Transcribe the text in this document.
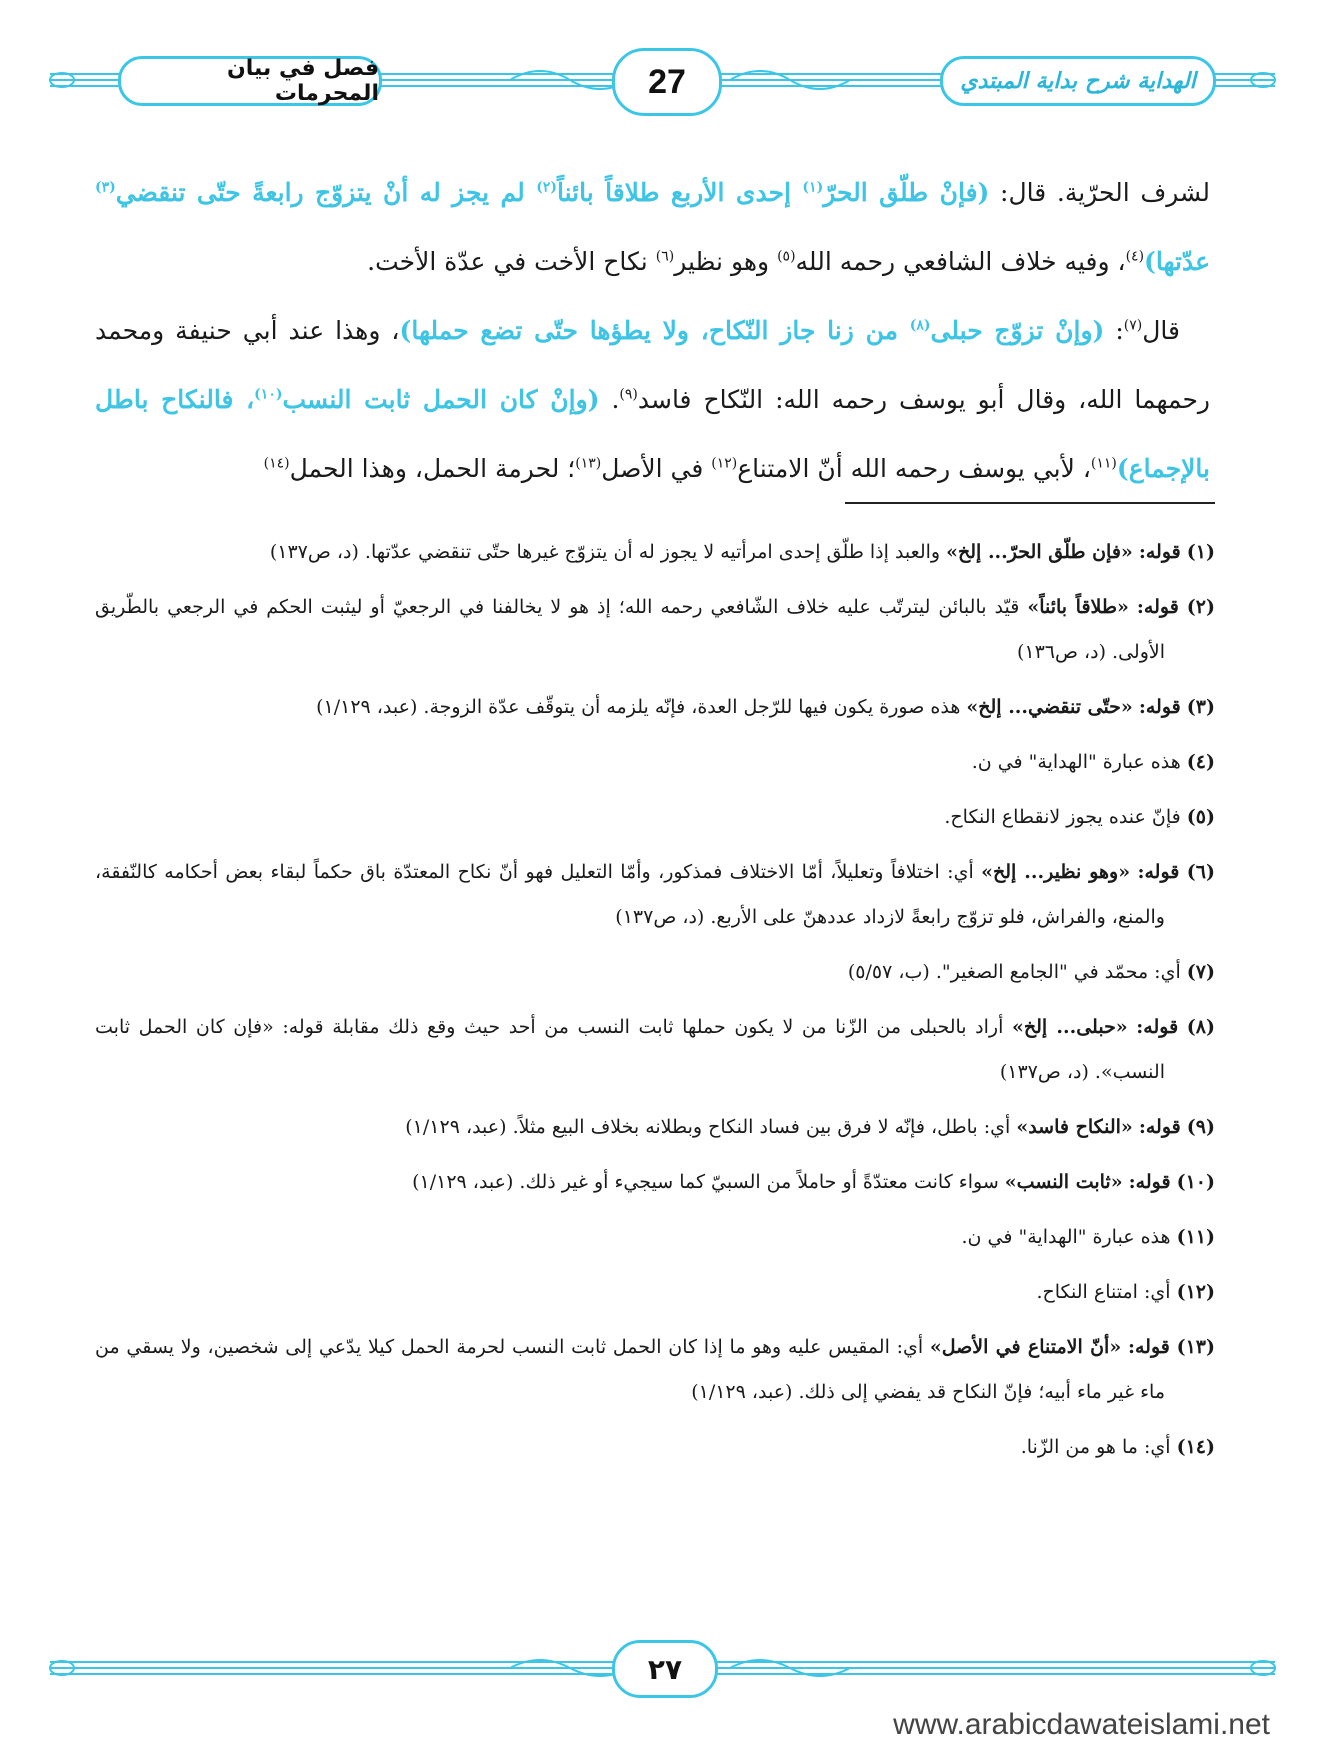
فصل في بيان المحرمات	27	الهداية شرح بداية المبتدي

لشرف الحرّية. قال: (فإنْ طلّق الحرّ$^{(١)}$ إحدى الأربع طلاقاً بائناً$^{(٢)}$ لم يجز له أنْ يتزوّج رابعةً حتّى تنقضي$^{(٣)}$ عدّتها)$^{(٤)}$، وفيه خلاف الشافعي رحمه الله$^{(٥)}$ وهو نظير$^{(٦)}$ نكاح الأخت في عدّة الأخت.

قال$^{(٧)}$: (وإنْ تزوّج حبلى$^{(٨)}$ من زنا جاز النّكاح، ولا يطؤها حتّى تضع حملها)، وهذا عند أبي حنيفة ومحمد رحمهما الله، وقال أبو يوسف رحمه الله: النّكاح فاسد$^{(٩)}$. (وإنْ كان الحمل ثابت النسب$^{(١٠)}$، فالنكاح باطل بالإجماع)$^{(١١)}$، لأبي يوسف رحمه الله أنّ الامتناع$^{(١٢)}$ في الأصل$^{(١٣)}$؛ لحرمة الحمل، وهذا الحمل$^{(١٤)}$

(١) قوله: «فإن طلّق الحرّ... إلخ» والعبد إذا طلّق إحدى امرأتيه لا يجوز له أن يتزوّج غيرها حتّى تنقضي عدّتها. (د، ص١٣٧)

(٢) قوله: «طلاقاً بائناً» قيّد بالبائن ليترتّب عليه خلاف الشّافعي رحمه الله؛ إذ هو لا يخالفنا في الرجعيّ أو ليثبت الحكم في الرجعي بالطّريق الأولى. (د، ص١٣٦)

(٣) قوله: «حتّى تنقضي... إلخ» هذه صورة يكون فيها للرّجل العدة، فإنّه يلزمه أن يتوقّف عدّة الزوجة. (عبد، ١/١٢٩)

(٤) هذه عبارة "الهداية" في ن.

(٥) فإنّ عنده يجوز لانقطاع النكاح.

(٦) قوله: «وهو نظير... إلخ» أي: اختلافاً وتعليلاً، أمّا الاختلاف فمذكور، وأمّا التعليل فهو أنّ نكاح المعتدّة باق حكماً لبقاء بعض أحكامه كالنّفقة، والمنع، والفراش، فلو تزوّج رابعةً لازداد عددهنّ على الأربع. (د، ص١٣٧)

(٧) أي: محمّد في "الجامع الصغير". (ب، ٥/٥٧)

(٨) قوله: «حبلى... إلخ» أراد بالحبلى من الزّنا من لا يكون حملها ثابت النسب من أحد حيث وقع ذلك مقابلة قوله: «فإن كان الحمل ثابت النسب». (د، ص١٣٧)

(٩) قوله: «النكاح فاسد» أي: باطل، فإنّه لا فرق بين فساد النكاح وبطلانه بخلاف البيع مثلاً. (عبد، ١/١٢٩)

(١٠) قوله: «ثابت النسب» سواء كانت معتدّةً أو حاملاً من السبيّ كما سيجيء أو غير ذلك. (عبد، ١/١٢٩)

(١١) هذه عبارة "الهداية" في ن.

(١٢) أي: امتناع النكاح.

(١٣) قوله: «أنّ الامتناع في الأصل» أي: المقيس عليه وهو ما إذا كان الحمل ثابت النسب لحرمة الحمل كيلا يدّعي إلى شخصين، ولا يسقي من ماء غير ماء أبيه؛ فإنّ النكاح قد يفضي إلى ذلك. (عبد، ١/١٢٩)

(١٤) أي: ما هو من الزّنا.

٢٧
www.arabicdawateislami.net
